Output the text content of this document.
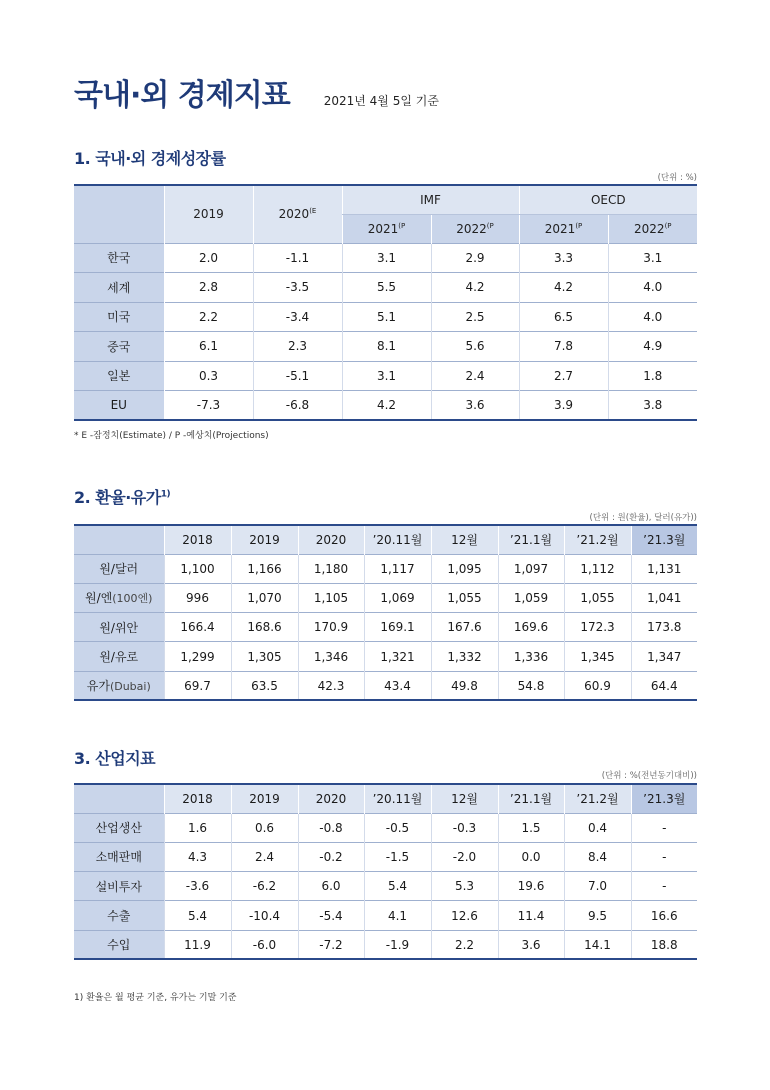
국내·외 경제지표	2021년 4월 5일 기준
1. 국내·외 경제성장률
(단위 : %)
	2019	$2020^{(E}$	IMF		OECD	
			$2021^{(P}$	$2022^{(P}$	$2021^{(P}$	$2022^{(P}$
한국	2.0	-1.1	3.1	2.9	3.3	3.1
세계	2.8	-3.5	5.5	4.2	4.2	4.0
미국	2.2	-3.4	5.1	2.5	6.5	4.0
중국	6.1	2.3	8.1	5.6	7.8	4.9
일본	0.3	-5.1	3.1	2.4	2.7	1.8
EU	-7.3	-6.8	4.2	3.6	3.9	3.8
* E -잠정치(Estimate) / P -예상치(Projections)
2. 환율·유가$^{1)}$
(단위 : 원(환율), 달러(유가))
	2018	2019	2020	’20.11월	12월	’21.1월	’21.2월	’21.3월
원/달러	1,100	1,166	1,180	1,117	1,095	1,097	1,112	1,131
원/엔(100엔)	996	1,070	1,105	1,069	1,055	1,059	1,055	1,041
원/위안	166.4	168.6	170.9	169.1	167.6	169.6	172.3	173.8
원/유로	1,299	1,305	1,346	1,321	1,332	1,336	1,345	1,347
유가(Dubai)	69.7	63.5	42.3	43.4	49.8	54.8	60.9	64.4
3. 산업지표
(단위 : %(전년동기대비))
	2018	2019	2020	’20.11월	12월	’21.1월	’21.2월	’21.3월
산업생산	1.6	0.6	-0.8	-0.5	-0.3	1.5	0.4	-
소매판매	4.3	2.4	-0.2	-1.5	-2.0	0.0	8.4	-
설비투자	-3.6	-6.2	6.0	5.4	5.3	19.6	7.0	-
수출	5.4	-10.4	-5.4	4.1	12.6	11.4	9.5	16.6
수입	11.9	-6.0	-7.2	-1.9	2.2	3.6	14.1	18.8
1) 환율은 월 평균 기준, 유가는 기말 기준
